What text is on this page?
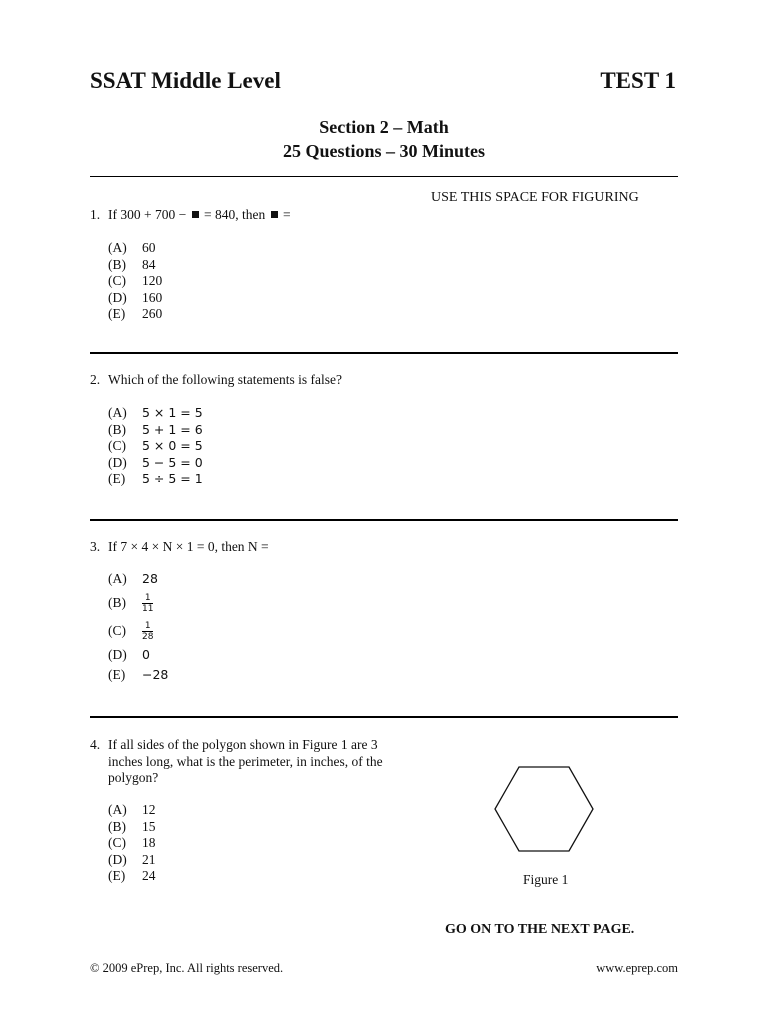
SSAT Middle Level	TEST 1
Section 2 – Math
25 Questions – 30 Minutes
USE THIS SPACE FOR FIGURING
1. If 300 + 700 −  = 840, then  =
(A) 60
(B) 84
(C) 120
(D) 160
(E) 260
2. Which of the following statements is false?
(A) 5 × 1 = 5
(B) 5 + 1 = 6
(C) 5 × 0 = 5
(D) 5 − 5 = 0
(E) 5 ÷ 5 = 1
3. If 7 × 4 × N × 1 = 0, then N =
(A) 28
$(B) \frac{1}{11}$
$(C) \frac{1}{28}$
(D) 0
(E) −28
4. If all sides of the polygon shown in Figure 1 are 3 inches long, what is the perimeter, in inches, of the polygon?
(A) 12
(B) 15
(C) 18
(D) 21
(E) 24	Figure 1
GO ON TO THE NEXT PAGE.
© 2009 ePrep, Inc. All rights reserved.	www.eprep.com
